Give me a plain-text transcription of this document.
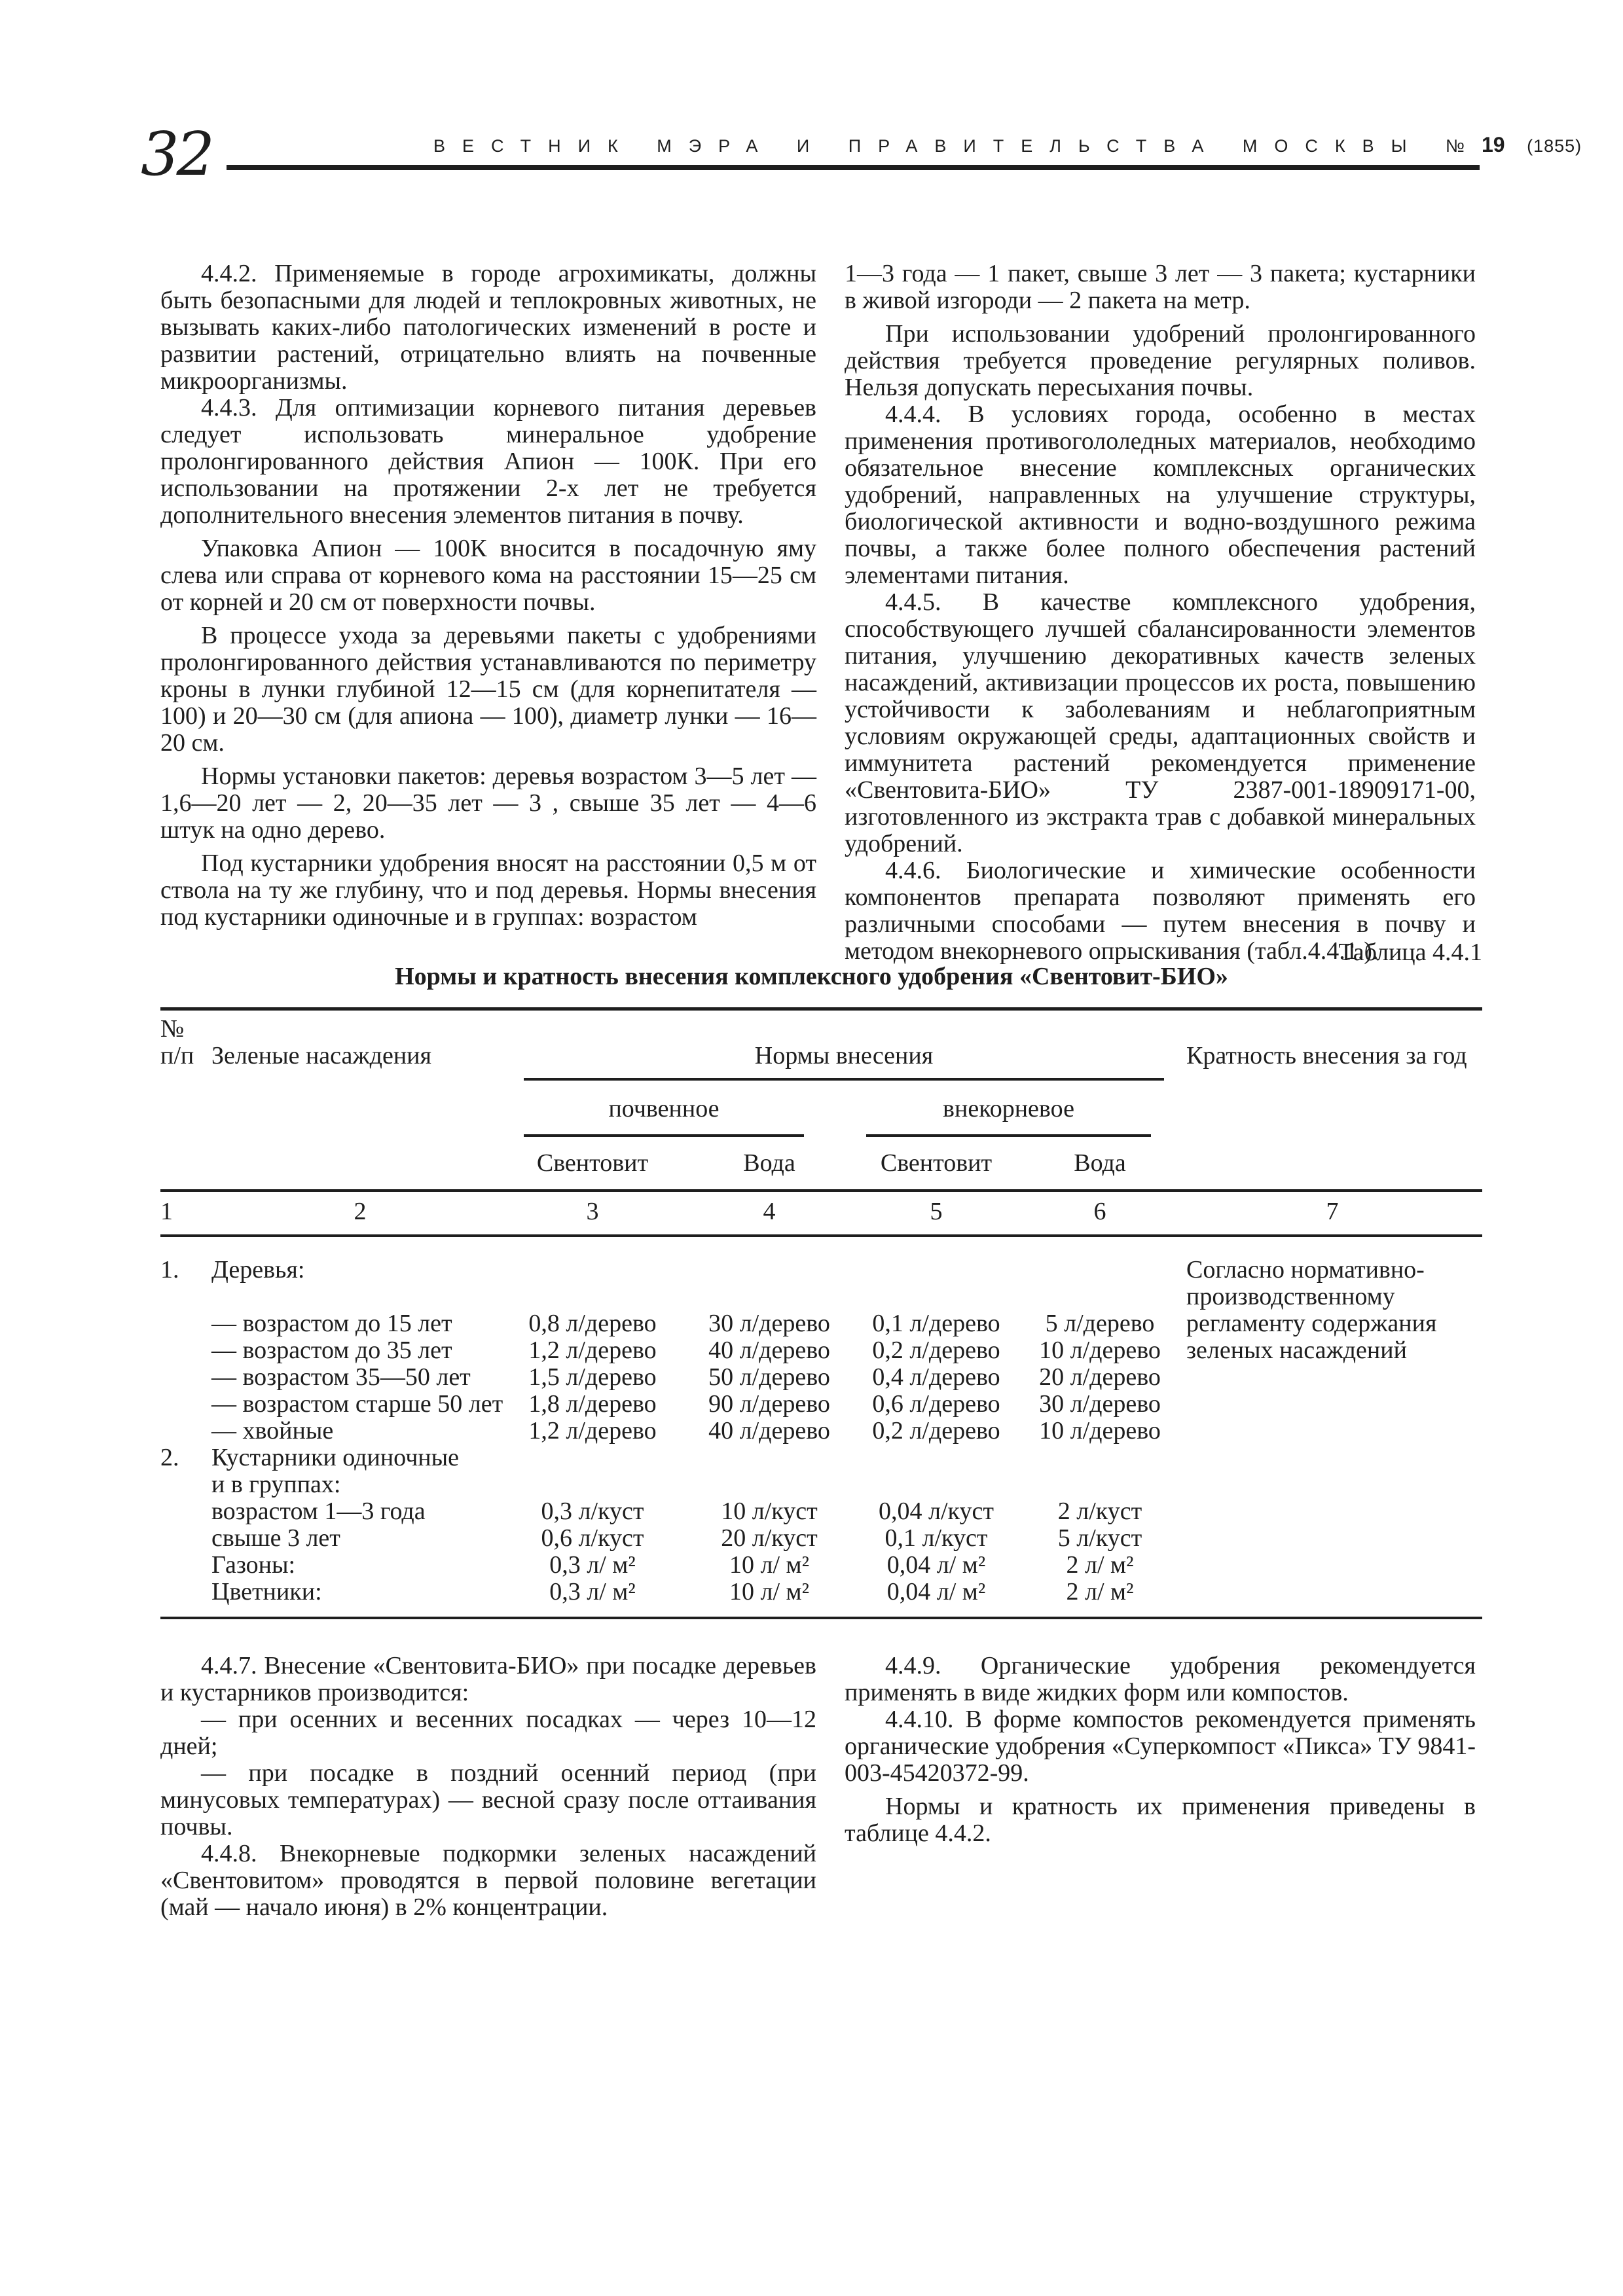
32	ВЕСТНИК МЭРА И ПРАВИТЕЛЬСТВА МОСКВЫ №19 (1855)

4.4.2. Применяемые в городе агрохимикаты, должны быть безопасными для людей и теплокровных животных, не вызывать каких-либо патологических изменений в росте и развитии растений, отрицательно влиять на почвенные микроорганизмы.

4.4.3. Для оптимизации корневого питания деревьев следует использовать минеральное удобрение пролонгированного действия Апион — 100К. При его использовании на протяжении 2-х лет не требуется дополнительного внесения элементов питания в почву.

Упаковка Апион — 100К вносится в посадочную яму слева или справа от корневого кома на расстоянии 15—25 см от корней и 20 см от поверхности почвы.

В процессе ухода за деревьями пакеты с удобрениями пролонгированного действия устанавливаются по периметру кроны в лунки глубиной 12—15 см (для корнепитателя — 100) и 20—30 см (для апиона — 100), диаметр лунки — 16—20 см.

Нормы установки пакетов: деревья возрастом 3—5 лет — 1,6—20 лет — 2, 20—35 лет — 3 , свыше 35 лет — 4—6 штук на одно дерево.

Под кустарники удобрения вносят на расстоянии 0,5 м от ствола на ту же глубину, что и под деревья. Нормы внесения под кустарники одиночные и в группах: возрастом

1—3 года — 1 пакет, свыше 3 лет — 3 пакета; кустарники в живой изгороди — 2 пакета на метр.

При использовании удобрений пролонгированного действия требуется проведение регулярных поливов. Нельзя допускать пересыхания почвы.

4.4.4. В условиях города, особенно в местах применения противогололедных материалов, необходимо обязательное внесение комплексных органических удобрений, направленных на улучшение структуры, биологической активности и водно-воздушного режима почвы, а также более полного обеспечения растений элементами питания.

4.4.5. В качестве комплексного удобрения, способствующего лучшей сбалансированности элементов питания, улучшению декоративных качеств зеленых насаждений, активизации процессов их роста, повышению устойчивости к заболеваниям и неблагоприятным условиям окружающей среды, адаптационных свойств и иммунитета растений рекомендуется применение «Свентовита-БИО» ТУ 2387-001-18909171-00, изготовленного из экстракта трав с добавкой минеральных удобрений.

4.4.6. Биологические и химические особенности компонентов препарата позволяют применять его различными способами — путем внесения в почву и методом внекорневого опрыскивания (табл.4.4.1.).

Таблица 4.4.1
Нормы и кратность внесения комплексного удобрения «Свентовит-БИО»
№
п/п Зеленые насаждения	Нормы внесения	Кратность внесения за год
почвенное	внекорневое
Свентовит	Вода	Свентовит	Вода
1	2	3	4	5	6	7
1. Деревья:	Согласно нормативно-
производственному
регламенту содержания
зеленых насаждений
— возрастом до 15 лет	0,8 л/дерево	30 л/дерево	0,1 л/дерево	5 л/дерево
— возрастом до 35 лет	1,2 л/дерево	40 л/дерево	0,2 л/дерево	10 л/дерево
— возрастом 35—50 лет 1,5 л/дерево	50 л/дерево	0,4 л/дерево	20 л/дерево
— возрастом старше 50 лет 1,8 л/дерево	90 л/дерево	0,6 л/дерево	30 л/дерево
— хвойные	1,2 л/дерево	40 л/дерево	0,2 л/дерево	10 л/дерево
2. Кустарники одиночные
и в группах:
возрастом 1—3 года	0,3 л/куст	10 л/куст	0,04 л/куст	2 л/куст
свыше 3 лет	0,6 л/куст	20 л/куст	0,1 л/куст	5 л/куст
Газоны:	0,3 л/ м²	10 л/ м²	0,04 л/ м²	2 л/ м²
Цветники:	0,3 л/ м²	10 л/ м²	0,04 л/ м²	2 л/ м²

4.4.7. Внесение «Свентовита-БИО» при посадке деревьев и кустарников производится:

— при осенних и весенних посадках — через 10—12 дней;

— при посадке в поздний осенний период (при минусовых температурах) — весной сразу после оттаивания почвы.

4.4.8. Внекорневые подкормки зеленых насаждений «Свентовитом» проводятся в первой половине вегетации (май — начало июня) в 2% концентрации.

4.4.9. Органические удобрения рекомендуется применять в виде жидких форм или компостов.

4.4.10. В форме компостов рекомендуется применять органические удобрения «Суперкомпост «Пикса» ТУ 9841-003-45420372-99.

Нормы и кратность их применения приведены в таблице 4.4.2.
